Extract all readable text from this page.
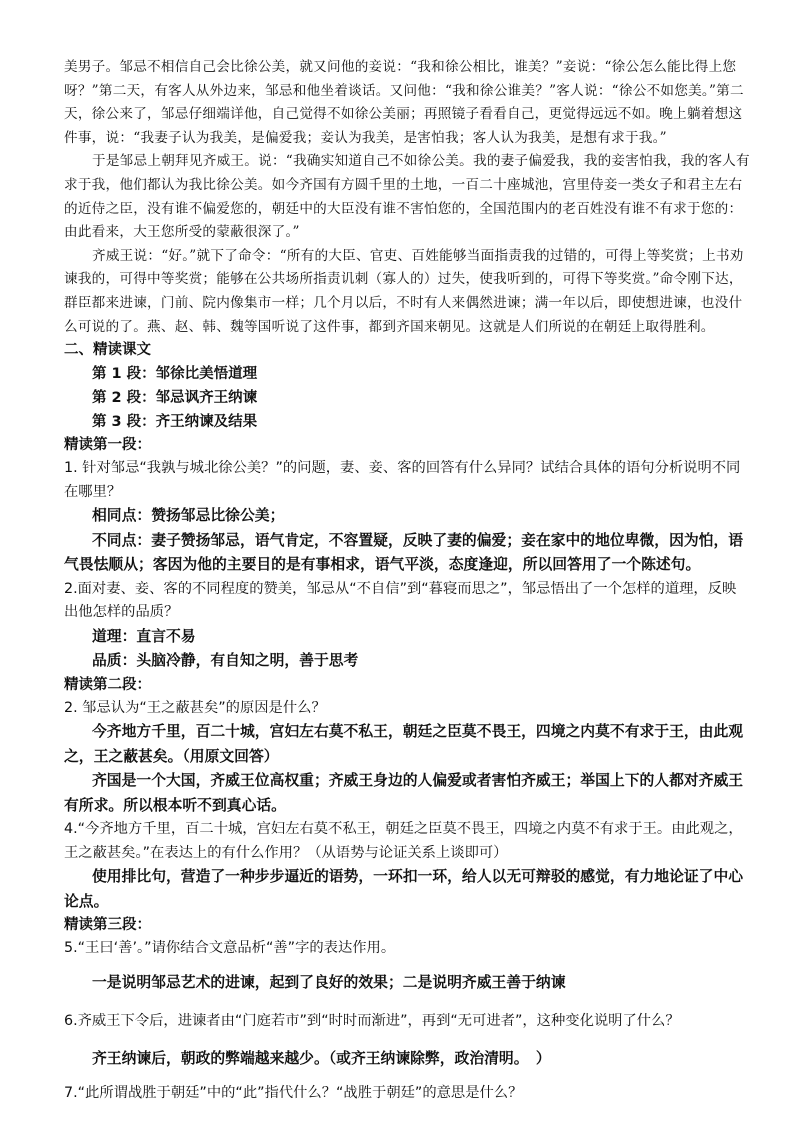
美男子。邹忌不相信自己会比徐公美，就又问他的妾说：“我和徐公相比，谁美？”妾说：“徐公怎么能比得上您呀？”第二天，有客人从外边来，邹忌和他坐着谈话。又问他：“我和徐公谁美？”客人说：“徐公不如您美。”第二天，徐公来了，邹忌仔细端详他，自己觉得不如徐公美丽；再照镜子看看自己，更觉得远远不如。晚上躺着想这件事，说：“我妻子认为我美，是偏爱我；妾认为我美，是害怕我；客人认为我美，是想有求于我。”

于是邹忌上朝拜见齐威王。说：“我确实知道自己不如徐公美。我的妻子偏爱我，我的妾害怕我，我的客人有求于我，他们都认为我比徐公美。如今齐国有方圆千里的土地，一百二十座城池，宫里侍妾一类女子和君主左右的近侍之臣，没有谁不偏爱您的，朝廷中的大臣没有谁不害怕您的，全国范围内的老百姓没有谁不有求于您的：由此看来，大王您所受的蒙蔽很深了。”

齐威王说：“好。”就下了命令：“所有的大臣、官吏、百姓能够当面指责我的过错的，可得上等奖赏；上书劝谏我的，可得中等奖赏；能够在公共场所指责讥刺（寡人的）过失，使我听到的，可得下等奖赏。”命令刚下达，群臣都来进谏，门前、院内像集市一样；几个月以后，不时有人来偶然进谏；满一年以后，即使想进谏，也没什么可说的了。燕、赵、韩、魏等国听说了这件事，都到齐国来朝见。这就是人们所说的在朝廷上取得胜利。

二、精读课文

第 1 段：邹徐比美悟道理

第 2 段：邹忌讽齐王纳谏

第 3 段：齐王纳谏及结果

精读第一段：

1. 针对邹忌“我孰与城北徐公美？”的问题，妻、妾、客的回答有什么异同？试结合具体的语句分析说明不同在哪里？

相同点：赞扬邹忌比徐公美；

不同点：妻子赞扬邹忌，语气肯定，不容置疑，反映了妻的偏爱；妾在家中的地位卑微，因为怕，语气畏怯顺从；客因为他的主要目的是有事相求，语气平淡，态度逢迎，所以回答用了一个陈述句。

2.面对妻、妾、客的不同程度的赞美，邹忌从“不自信”到“暮寝而思之”，邹忌悟出了一个怎样的道理，反映出他怎样的品质？

道理：直言不易

品质：头脑冷静，有自知之明，善于思考

精读第二段：

2. 邹忌认为“王之蔽甚矣”的原因是什么？

今齐地方千里，百二十城，宫妇左右莫不私王，朝廷之臣莫不畏王，四境之内莫不有求于王，由此观之，王之蔽甚矣。（用原文回答）

齐国是一个大国，齐威王位高权重；齐威王身边的人偏爱或者害怕齐威王；举国上下的人都对齐威王有所求。所以根本听不到真心话。

4.“今齐地方千里，百二十城，宫妇左右莫不私王，朝廷之臣莫不畏王，四境之内莫不有求于王。由此观之，王之蔽甚矣。”在表达上的有什么作用？（从语势与论证关系上谈即可）

使用排比句，营造了一种步步逼近的语势，一环扣一环，给人以无可辩驳的感觉，有力地论证了中心论点。

精读第三段：

5.“王曰‘善’。”请你结合文意品析“善”字的表达作用。

一是说明邹忌艺术的进谏，起到了良好的效果；二是说明齐威王善于纳谏

6.齐威王下令后，进谏者由“门庭若市”到“时时而渐进”，再到“无可进者”，这种变化说明了什么？

齐王纳谏后，朝政的弊端越来越少。（或齐王纳谏除弊，政治清明。　）

7.“此所谓战胜于朝廷”中的“此”指代什么？“战胜于朝廷”的意思是什么？
